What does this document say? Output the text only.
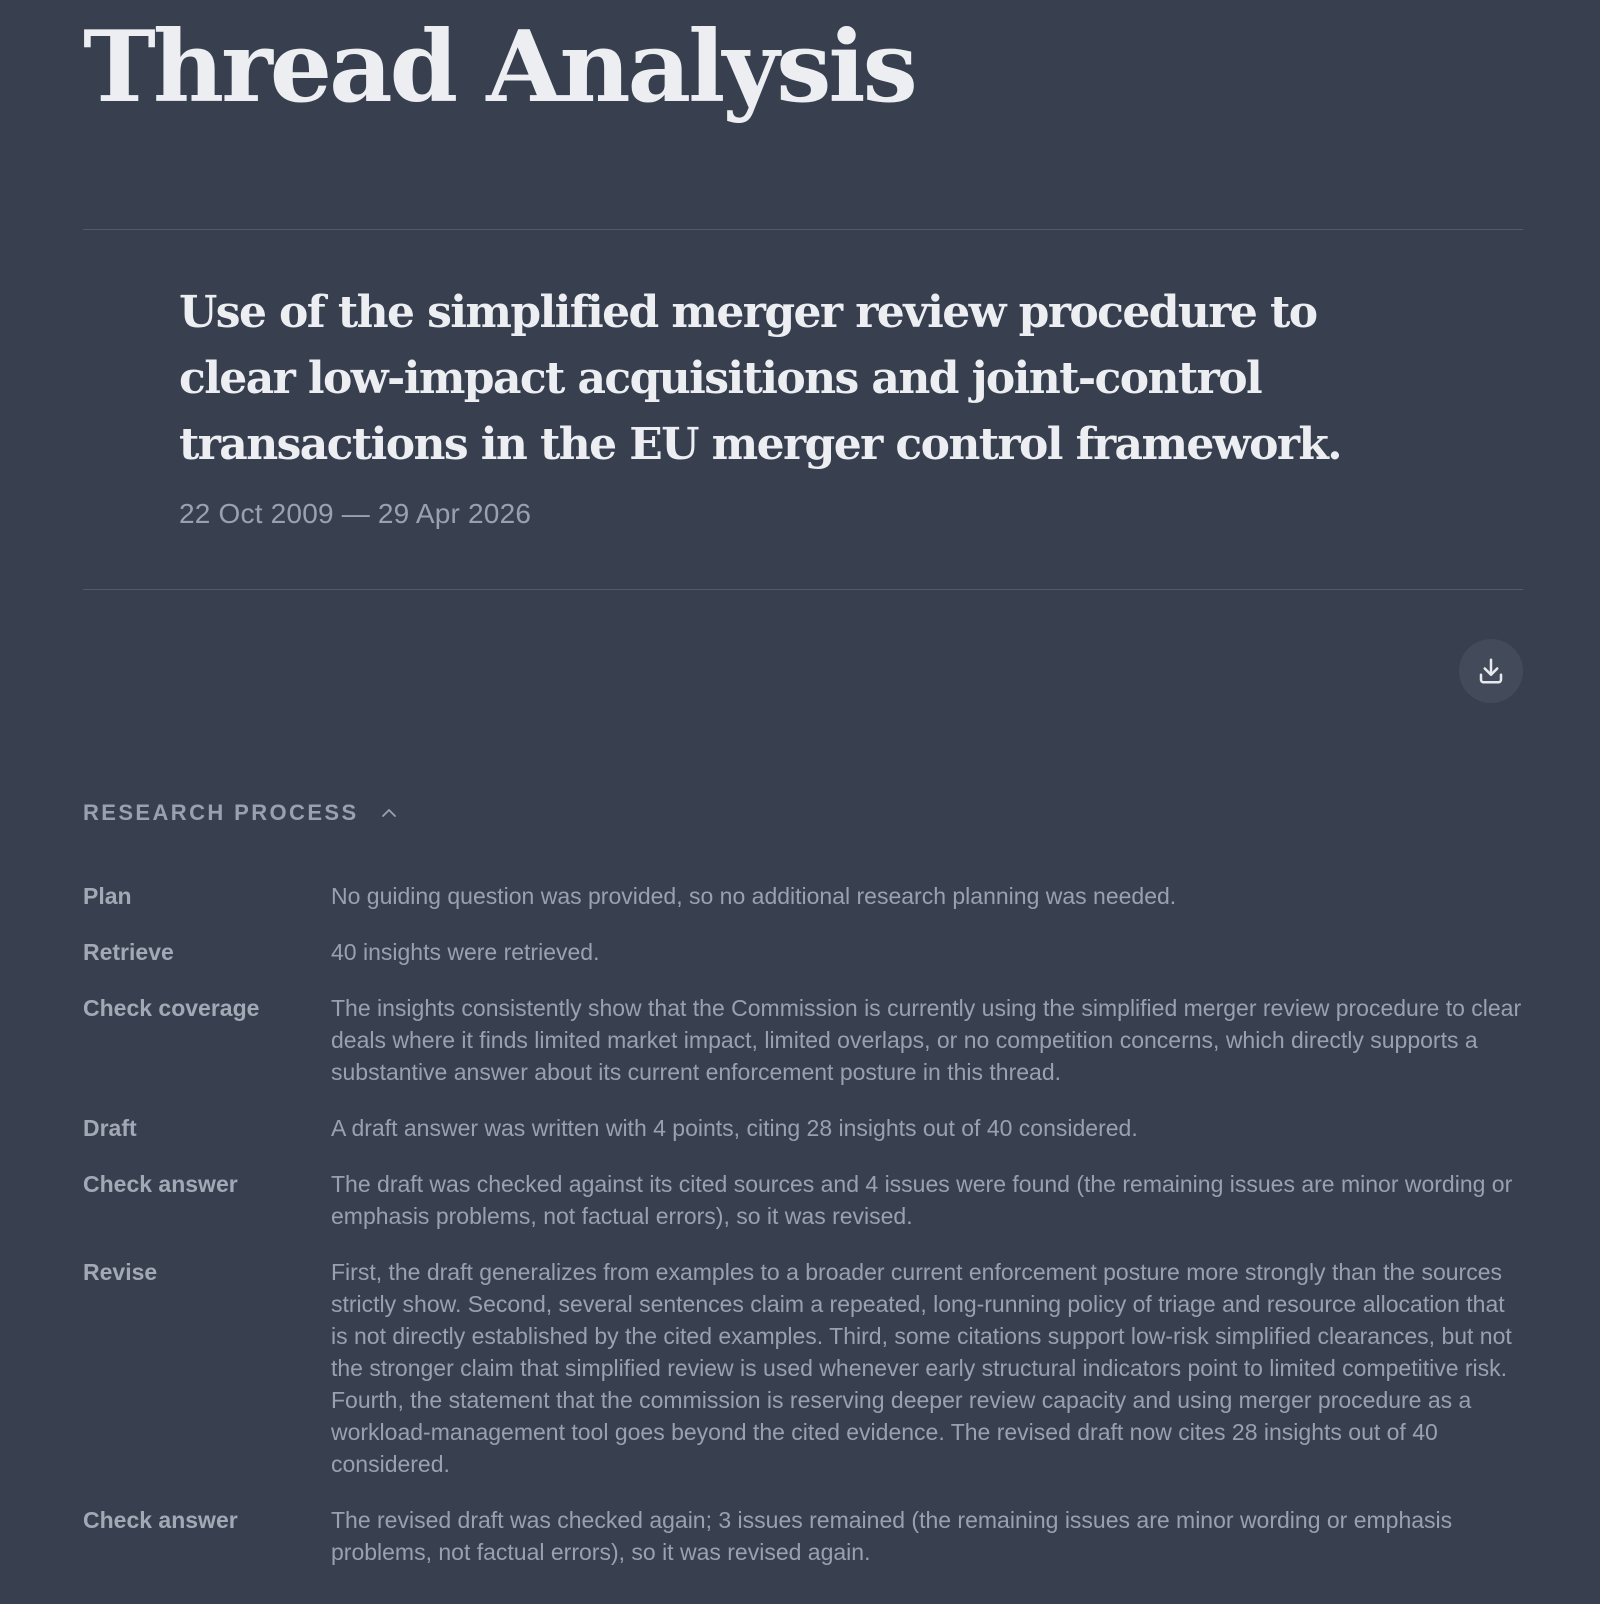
Thread Analysis
Use of the simplified merger review procedure to clear low-impact acquisitions and joint-control transactions in the EU merger control framework.
22 Oct 2009 — 29 Apr 2026
RESEARCH PROCESS
Plan	No guiding question was provided, so no additional research planning was needed.
Retrieve	40 insights were retrieved.
Check coverage	The insights consistently show that the Commission is currently using the simplified merger review procedure to clear deals where it finds limited market impact, limited overlaps, or no competition concerns, which directly supports a substantive answer about its current enforcement posture in this thread.
Draft	A draft answer was written with 4 points, citing 28 insights out of 40 considered.
Check answer	The draft was checked against its cited sources and 4 issues were found (the remaining issues are minor wording or emphasis problems, not factual errors), so it was revised.
Revise	First, the draft generalizes from examples to a broader current enforcement posture more strongly than the sources strictly show. Second, several sentences claim a repeated, long-running policy of triage and resource allocation that is not directly established by the cited examples. Third, some citations support low-risk simplified clearances, but not the stronger claim that simplified review is used whenever early structural indicators point to limited competitive risk. Fourth, the statement that the commission is reserving deeper review capacity and using merger procedure as a workload-management tool goes beyond the cited evidence. The revised draft now cites 28 insights out of 40 considered.
Check answer	The revised draft was checked again; 3 issues remained (the remaining issues are minor wording or emphasis problems, not factual errors), so it was revised again.
